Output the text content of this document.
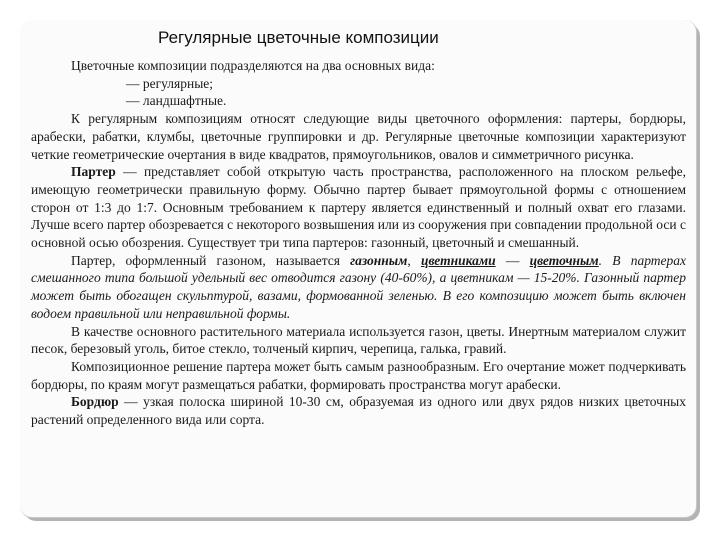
Регулярные цветочные композиции

Цветочные композиции подразделяются на два основных вида:

— регулярные;

— ландшафтные.

К регулярным композициям относят следующие виды цветочного оформления: партеры, бордюры, арабески, рабатки, клумбы, цветочные группировки и др. Регулярные цветочные композиции характеризуют четкие геометрические очертания в виде квадратов, прямоугольников, овалов и симметричного рисунка.

Партер — представляет собой открытую часть пространства, расположенного на плоском рельефе, имеющую геометрически правильную форму. Обычно партер бывает прямоугольной формы с отношением сторон от 1:3 до 1:7. Основным требованием к партеру является единственный и полный охват его глазами. Лучше всего партер обозревается с некоторого возвышения или из сооружения при совпадении продольной оси с основной осью обозрения. Существует три типа партеров: газонный, цветочный и смешанный.

Партер, оформленный газоном, называется газонным, цветниками — цветочным. В партерах смешанного типа большой удельный вес отводится газону (40-60%), а цветникам — 15-20%. Газонный партер может быть обогащен скульптурой, вазами, формованной зеленью. В его композицию может быть включен водоем правильной или неправильной формы.

В качестве основного растительного материала используется газон, цветы. Инертным материалом служит песок, березовый уголь, битое стекло, толченый кирпич, черепица, галька, гравий.

Композиционное решение партера может быть самым разнообразным. Его очертание может подчеркивать бордюры, по краям могут размещаться рабатки, формировать пространства могут арабески.

Бордюр — узкая полоска шириной 10-30 см, образуемая из одного или двух рядов низких цветочных растений определенного вида или сорта.
